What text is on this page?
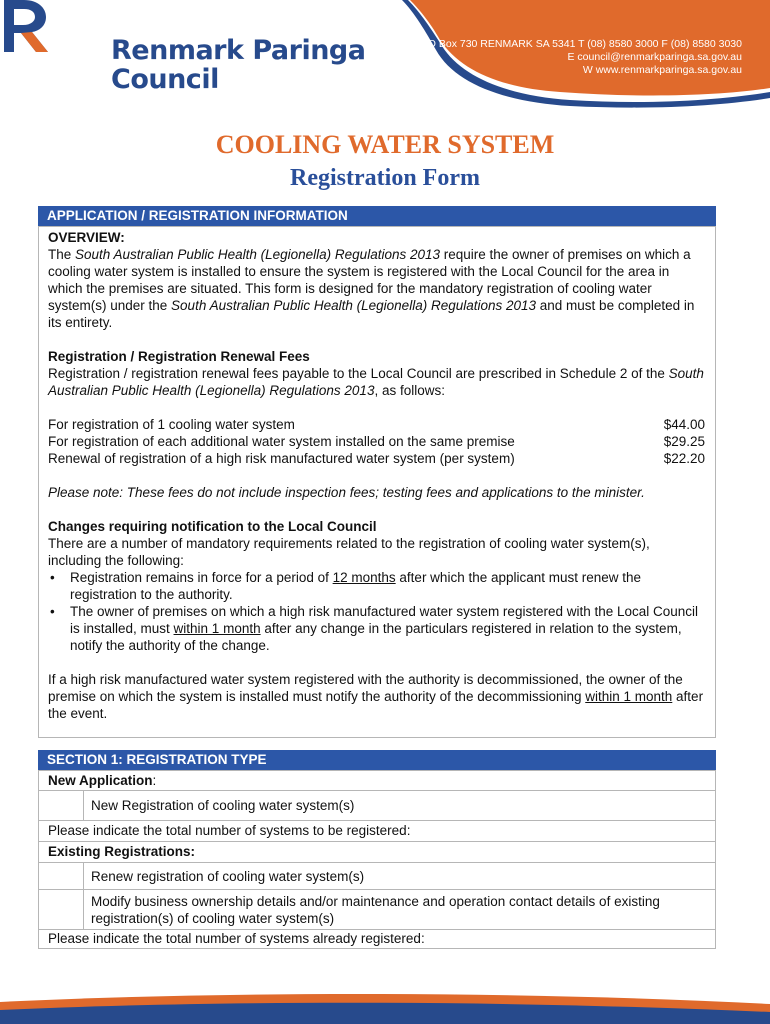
Renmark Paringa
Council
PO Box 730 RENMARK SA 5341 T (08) 8580 3000 F (08) 8580 3030
E council@renmarkparinga.sa.gov.au
W www.renmarkparinga.sa.gov.au
COOLING WATER SYSTEM
Registration Form
APPLICATION / REGISTRATION INFORMATION

OVERVIEW:

The South Australian Public Health (Legionella) Regulations 2013 require the owner of premises on which a cooling water system is installed to ensure the system is registered with the Local Council for the area in which the premises are situated. This form is designed for the mandatory registration of cooling water system(s) under the South Australian Public Health (Legionella) Regulations 2013 and must be completed in its entirety.

Registration / Registration Renewal Fees

Registration / registration renewal fees payable to the Local Council are prescribed in Schedule 2 of the South Australian Public Health (Legionella) Regulations 2013, as follows:

For registration of 1 cooling water system	$44.00
For registration of each additional water system installed on the same premise	$29.25
Renewal of registration of a high risk manufactured water system (per system)	$22.20

Please note: These fees do not include inspection fees; testing fees and applications to the minister.

Changes requiring notification to the Local Council

There are a number of mandatory requirements related to the registration of cooling water system(s), including the following:

• Registration remains in force for a period of 12 months after which the applicant must renew the registration to the authority.
• The owner of premises on which a high risk manufactured water system registered with the Local Council is installed, must within 1 month after any change in the particulars registered in relation to the system, notify the authority of the change.

If a high risk manufactured water system registered with the authority is decommissioned, the owner of the premise on which the system is installed must notify the authority of the decommissioning within 1 month after the event.

SECTION 1: REGISTRATION TYPE
New Application:
New Registration of cooling water system(s)
Please indicate the total number of systems to be registered:
Existing Registrations:
Renew registration of cooling water system(s)
Modify business ownership details and/or maintenance and operation contact details of existing registration(s) of cooling water system(s)
Please indicate the total number of systems already registered:
